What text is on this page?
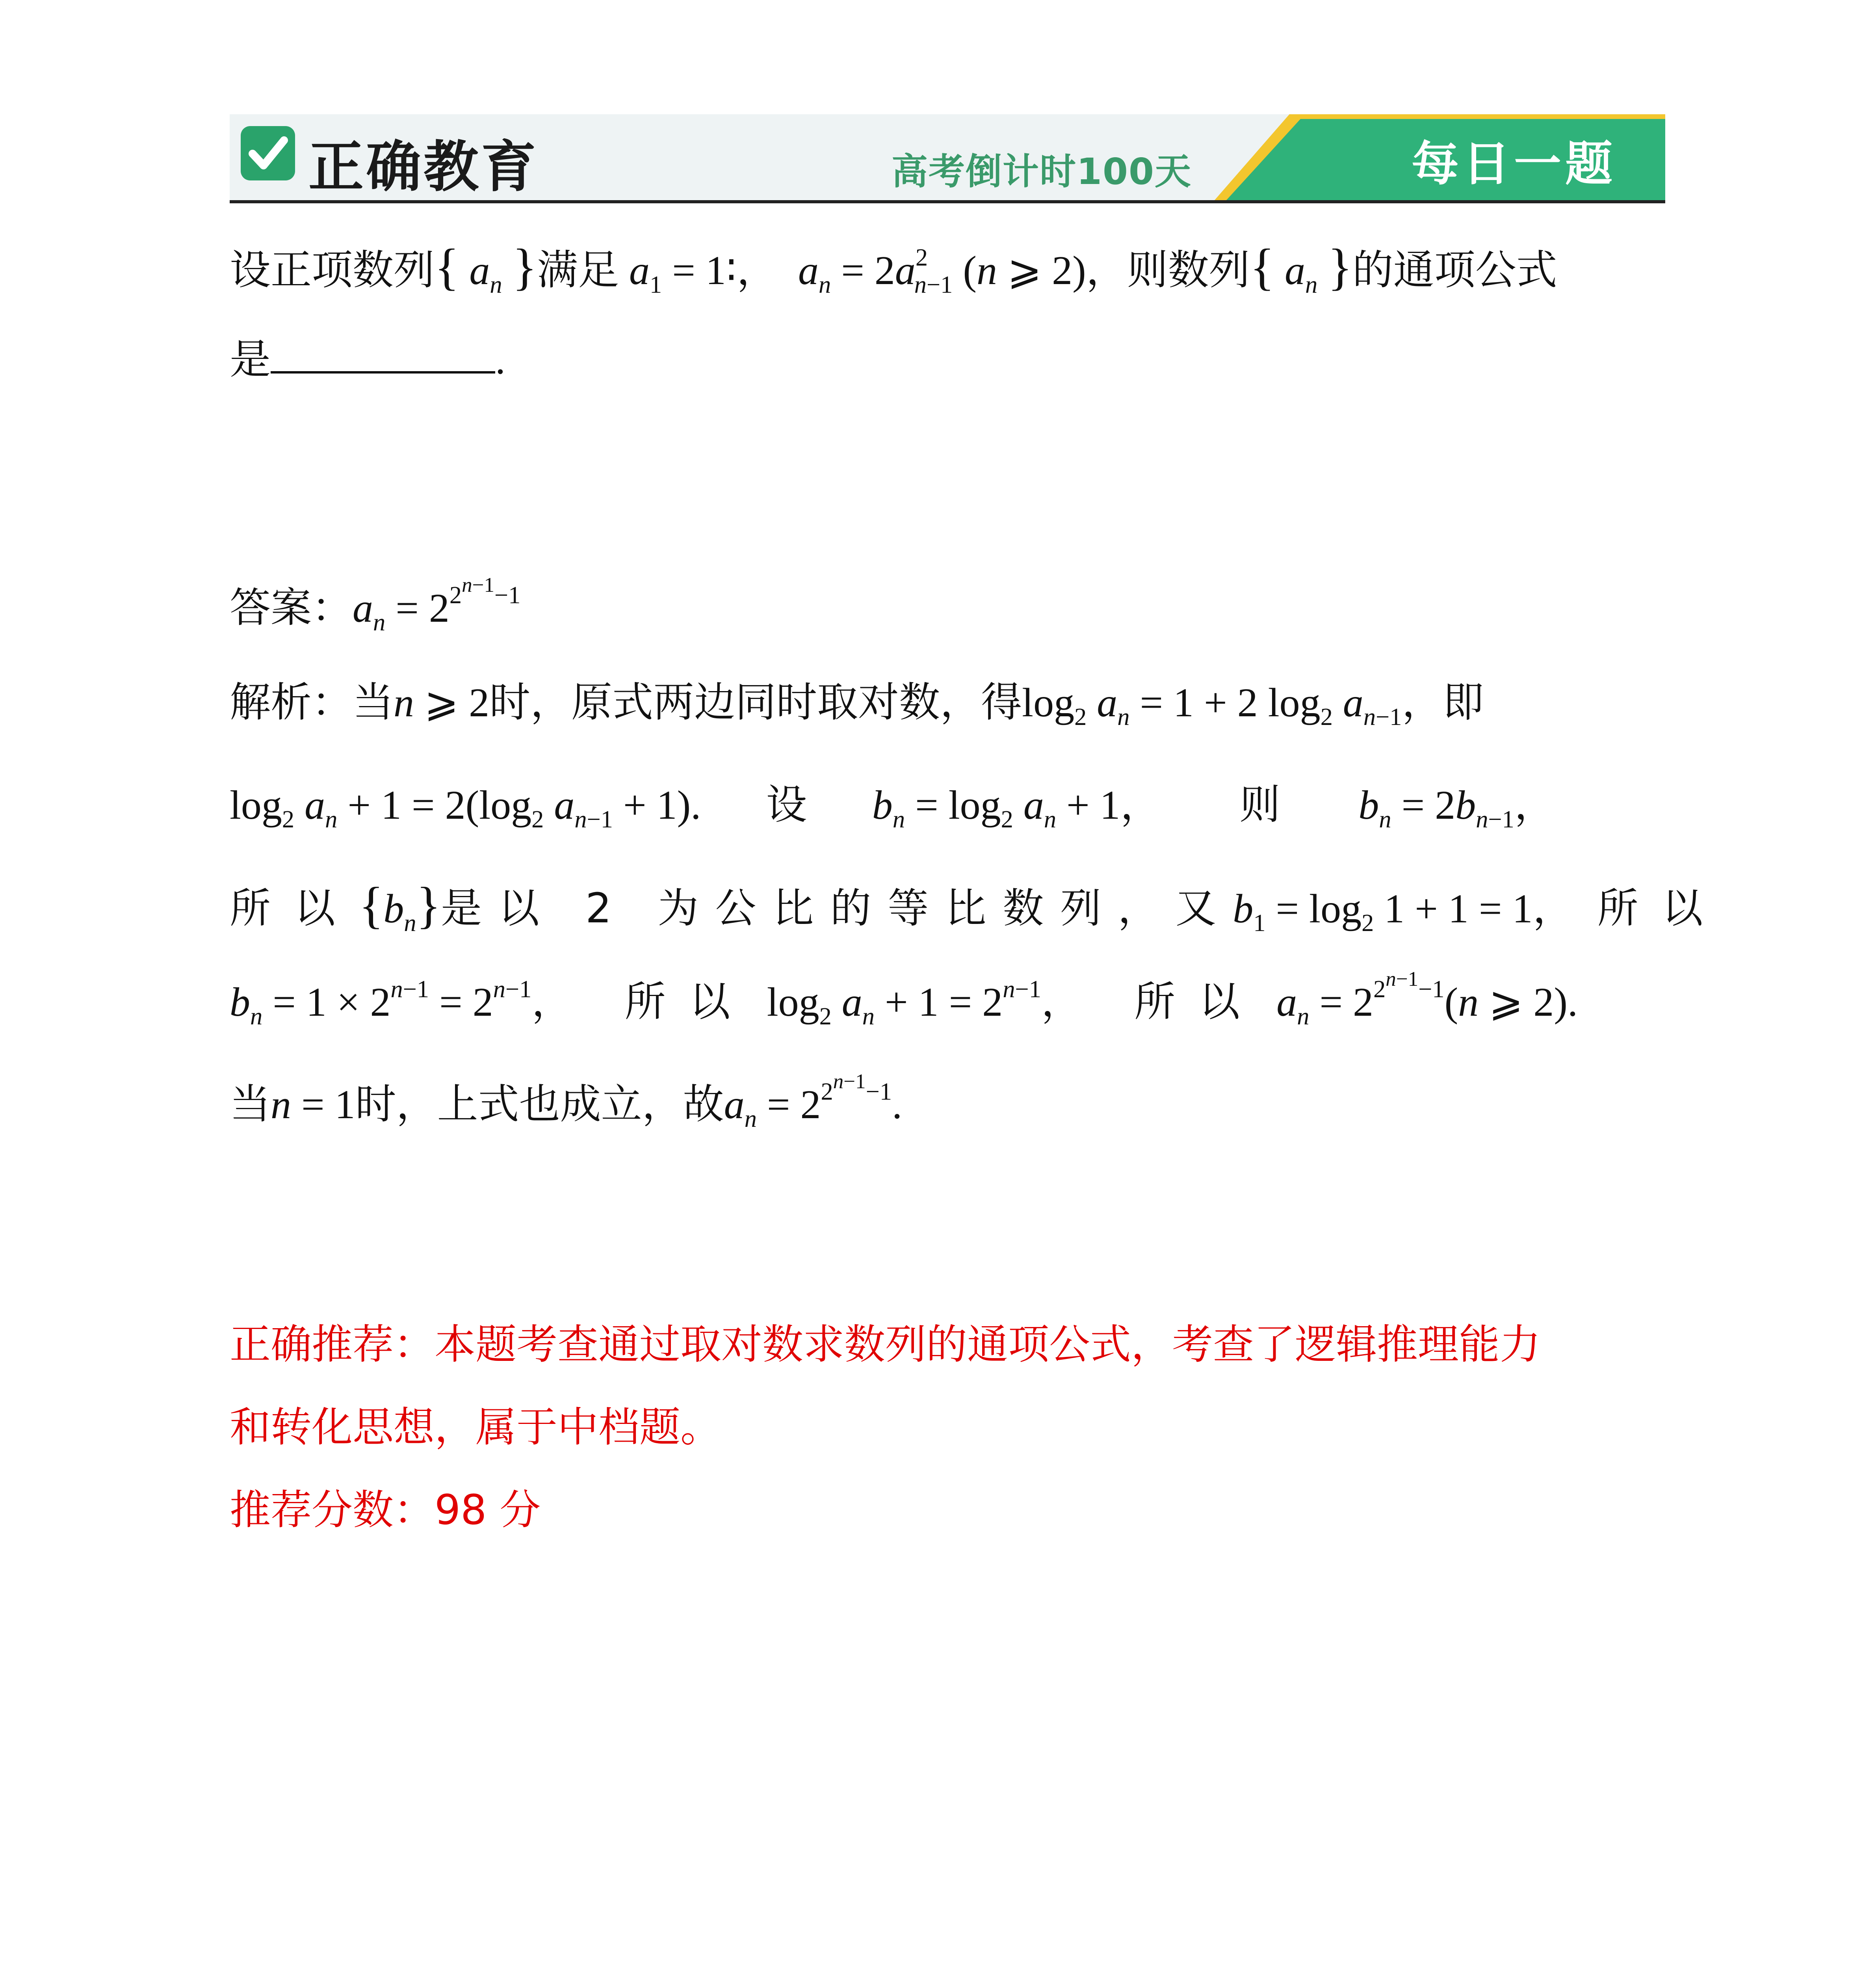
正确教育	高考倒计时100天	每日一题
设正项数列{ $a_n$ }满足 $a_1$ = 1∶， $a_n = 2a^2_{n-1}$ (n ⩾ 2)，则数列{ $a_n$ }的通项公式
是	.
答案：$a_n = 2^{2^{n-1}-1}$
解析：当n ⩾ 2时，原式两边同时取对数，得$\log_2 a_n = 1 + 2$ $\log_2 a_{n-1}$，即
$\log_2 a_n + 1 = 2(\log_2$ $a_{n-1} + 1$). 设 $b_n = \log_2 a_n + 1$， 则 $b_n = 2b_{n-1}$，
所以$\{b_n\}$是以 2 为公比的等比数列，又$b_1 = \log_2 1 + 1 = 1$，所以
$b_n = 1 \times 2^{n-1} = 2^{n-1}$， 所以 $\log_2 a_n + 1 = 2^{n-1}$， 所以 $a_n = 2^{2^{n-1}-1}(n$ ⩾ 2).
当n = 1时，上式也成立，故$a_n = 2^{2^{n-1}-1}$.
正确推荐：本题考查通过取对数求数列的通项公式，考查了逻辑推理能力
和转化思想，属于中档题。
推荐分数：98 分
